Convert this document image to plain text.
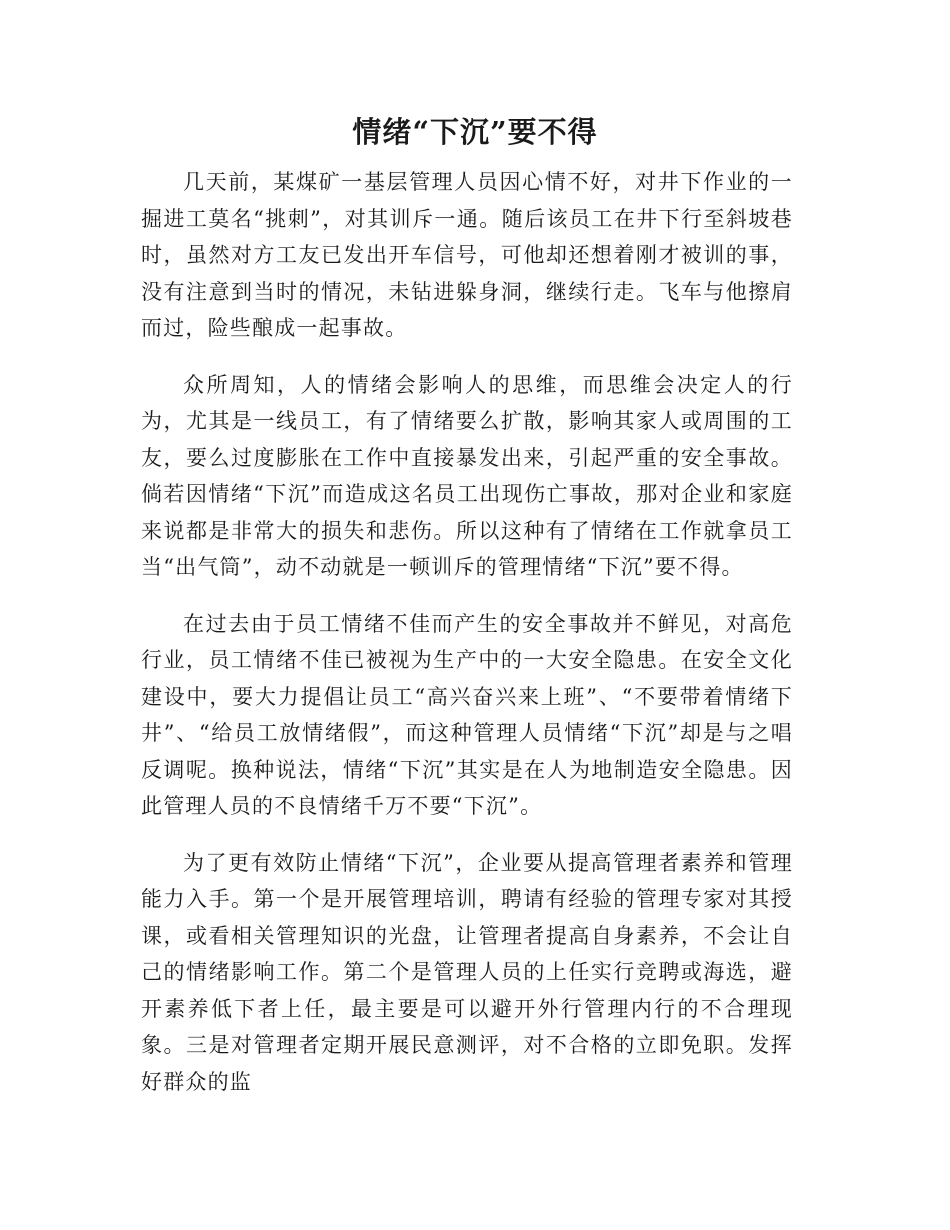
情绪“下沉”要不得

几天前，某煤矿一基层管理人员因心情不好，对井下作业的一掘进工莫名“挑刺”，对其训斥一通。随后该员工在井下行至斜坡巷时，虽然对方工友已发出开车信号，可他却还想着刚才被训的事，没有注意到当时的情况，未钻进躲身洞，继续行走。飞车与他擦肩而过，险些酿成一起事故。

众所周知，人的情绪会影响人的思维，而思维会决定人的行为，尤其是一线员工，有了情绪要么扩散，影响其家人或周围的工友，要么过度膨胀在工作中直接暴发出来，引起严重的安全事故。倘若因情绪“下沉”而造成这名员工出现伤亡事故，那对企业和家庭来说都是非常大的损失和悲伤。所以这种有了情绪在工作就拿员工当“出气筒”，动不动就是一顿训斥的管理情绪“下沉”要不得。

在过去由于员工情绪不佳而产生的安全事故并不鲜见，对高危行业，员工情绪不佳已被视为生产中的一大安全隐患。在安全文化建设中，要大力提倡让员工“高兴奋兴来上班”、“不要带着情绪下井”、“给员工放情绪假”，而这种管理人员情绪“下沉”却是与之唱反调呢。换种说法，情绪“下沉”其实是在人为地制造安全隐患。因此管理人员的不良情绪千万不要“下沉”。

为了更有效防止情绪“下沉”，企业要从提高管理者素养和管理能力入手。第一个是开展管理培训，聘请有经验的管理专家对其授课，或看相关管理知识的光盘，让管理者提高自身素养，不会让自己的情绪影响工作。第二个是管理人员的上任实行竞聘或海选，避开素养低下者上任，最主要是可以避开外行管理内行的不合理现象。三是对管理者定期开展民意测评，对不合格的立即免职。发挥好群众的监
